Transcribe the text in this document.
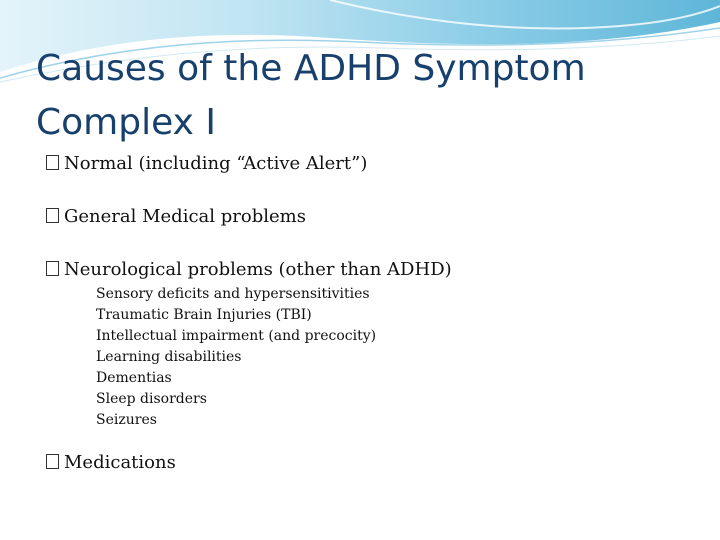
Causes of the ADHD Symptom
Complex I
Normal (including “Active Alert”)
General Medical problems
Neurological problems (other than ADHD)
Sensory deficits and hypersensitivities
Traumatic Brain Injuries (TBI)
Intellectual impairment (and precocity)
Learning disabilities
Dementias
Sleep disorders
Seizures
Medications
